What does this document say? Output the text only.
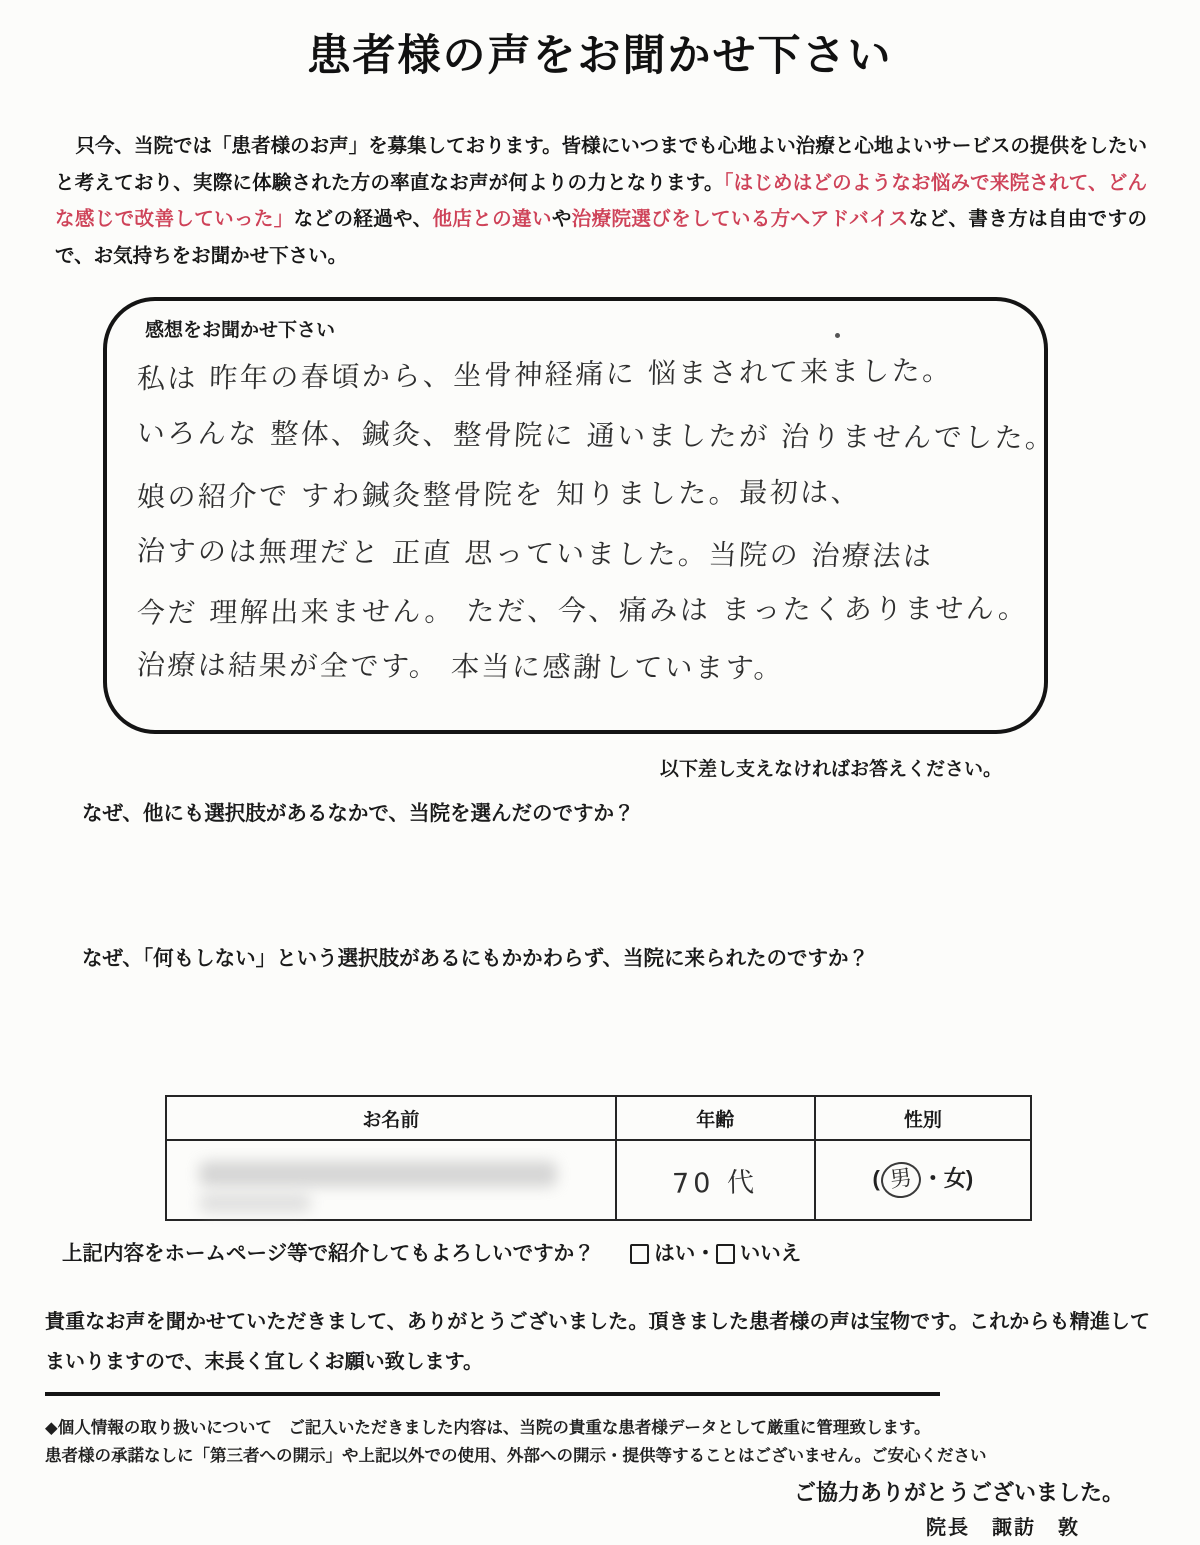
患者様の声をお聞かせ下さい

只今、当院では「患者様のお声」を募集しております。皆様にいつまでも心地よい治療と心地よいサービスの提供をしたいと考えており、実際に体験された方の率直なお声が何よりの力となります。「はじめはどのようなお悩みで来院されて、どんな感じで改善していった」などの経過や、他店との違いや治療院選びをしている方へアドバイスなど、書き方は自由ですので、お気持ちをお聞かせ下さい。

感想をお聞かせ下さい
私は 昨年の春頃から、坐骨神経痛に 悩まされて来ました。
いろんな 整体、鍼灸、整骨院に 通いましたが 治りませんでした。
娘の紹介で すわ鍼灸整骨院を 知りました。最初は、
治すのは無理だと 正直 思っていました。当院の 治療法は
今だ 理解出来ません。 ただ、今、痛みは まったくありません。
治療は結果が全です。 本当に感謝しています。
以下差し支えなければお答えください。
なぜ、他にも選択肢があるなかで、当院を選んだのですか？
なぜ、「何もしない」という選択肢があるにもかかわらず、当院に来られたのですか？
お名前	年齢	性別

	70 代	( 男 ・女)
上記内容をホームページ等で紹介してもよろしいですか？	はい・ いいえ

貴重なお声を聞かせていただきまして、ありがとうございました。頂きました患者様の声は宝物です。これからも精進してまいりますので、末長く宜しくお願い致します。

◆個人情報の取り扱いについて　ご記入いただきました内容は、当院の貴重な患者様データとして厳重に管理致します。

患者様の承諾なしに「第三者への開示」や上記以外での使用、外部への開示・提供等することはございません。ご安心ください

ご協力ありがとうございました。
院長　諏訪　敦
